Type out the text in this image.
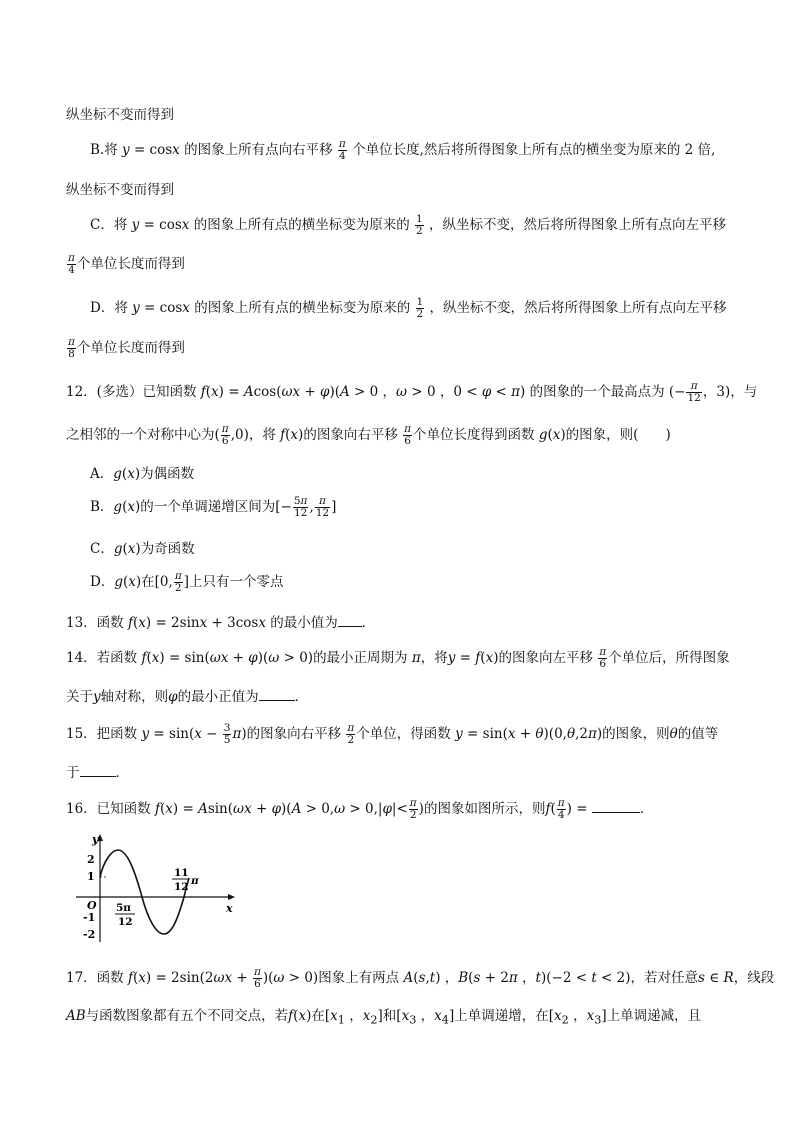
纵坐标不变而得到
B.将 y = cosx 的图象上所有点向右平移 $\frac{\pi}{4}$ 个单位长度,然后将所得图象上所有点的横坐变为原来的 2 倍,
纵坐标不变而得到
C．将 y = cosx 的图象上所有点的横坐标变为原来的 $\frac{1}{2}$ ，纵坐标不变，然后将所得图象上所有点向左平移
$\frac{\pi}{4}$ 个单位长度而得到
D．将 y = cosx 的图象上所有点的横坐标变为原来的 $\frac{1}{2}$ ，纵坐标不变，然后将所得图象上所有点向左平移
$\frac{\pi}{8}$ 个单位长度而得到
12．(多选）已知函数 f(x) = Acos(ωx + φ)(A > 0 ，ω > 0 ，0 < φ < π) 的图象的一个最高点为 (− $\frac{\pi}{12}$ ，3)，与
之相邻的一个对称中心为( $\frac{\pi}{6} ,0$)，将 f(x)的图象向右平移 $\frac{\pi}{6}$ 个单位长度得到函数 g(x)的图象，则(　　)
A．g(x)为偶函数
B．g(x)的一个单调递增区间为[− $\frac{5\pi}{12}$ , $\frac{\pi}{12}$ ]
C．g(x)为奇函数
D．g(x)在[0, $\frac{\pi}{2}$ ]上只有一个零点
13．函数 f(x) = 2sinx + 3cosx 的最小值为 ．
14．若函数 f(x) = sin(ωx + φ)(ω > 0)的最小正周期为 π，将y = f(x)的图象向左平移 $\frac{\pi}{6}$ 个单位后，所得图象
关于y轴对称，则φ的最小正值为	．
15．把函数 $y = \sin(x - \frac{3}{5} \pi)$的图象向右平移 $\frac{\pi}{2}$ 个单位，得函数 y = sin(x + θ)(0,θ,2π)的图象，则θ的值等
于	．
16．已知函数 $f(x) = Asin(\omega x + \varphi)(A > 0,\omega > 0,|\varphi|< \frac{\pi}{2}$ )的图象如图所示，则$f( \frac{\pi}{4}$ ) =	．
y
x
O
2
1
-1
-2
5π
12
11
12 π
17．函数 $f(x) = 2\sin(2\omega x + \frac{\pi}{6} )(\omega > 0)$图象上有两点 A(s,t) ，B(s + 2π ，t)(−2 < t < 2)，若对任意s ∈ R，线段
AB与函数图象都有五个不同交点，若f(x)在[$x_1$ ，$x_2$]和[$x_3$ ，$x_4$]上单调递增，在[$x_2$ ，$x_3$]上单调递减，且
